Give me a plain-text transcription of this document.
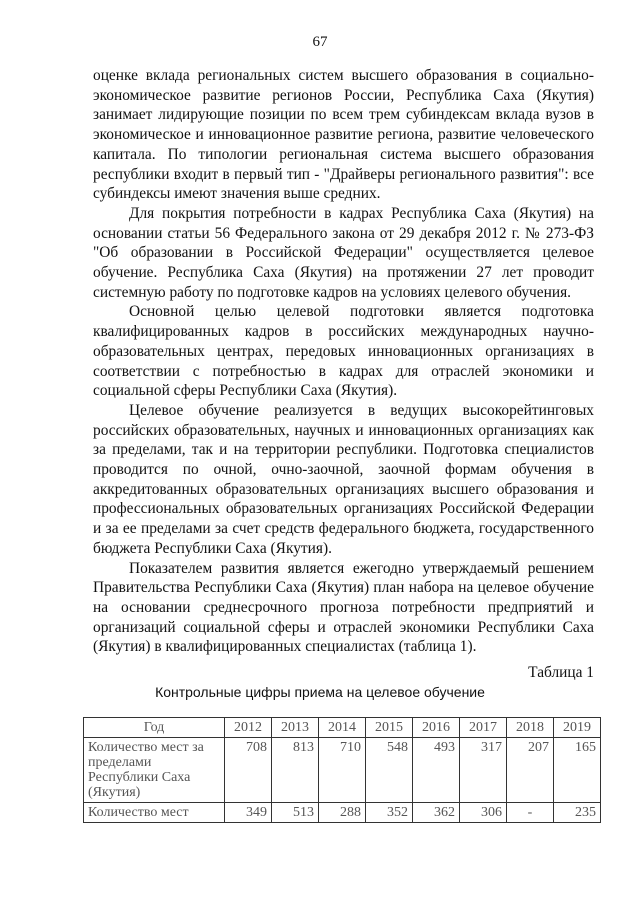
67

оценке вклада региональных систем высшего образования в социально-экономическое развитие регионов России, Республика Саха (Якутия) занимает лидирующие позиции по всем трем субиндексам вклада вузов в экономическое и инновационное развитие региона, развитие человеческого капитала. По типологии региональная система высшего образования республики входит в первый тип - "Драйверы регионального развития": все субиндексы имеют значения выше средних.

Для покрытия потребности в кадрах Республика Саха (Якутия) на основании статьи 56 Федерального закона от 29 декабря 2012 г. № 273-ФЗ "Об образовании в Российской Федерации" осуществляется целевое обучение. Республика Саха (Якутия) на протяжении 27 лет проводит системную работу по подготовке кадров на условиях целевого обучения.

Основной целью целевой подготовки является подготовка квалифицированных кадров в российских международных научно-образовательных центрах, передовых инновационных организациях в соответствии с потребностью в кадрах для отраслей экономики и социальной сферы Республики Саха (Якутия).

Целевое обучение реализуется в ведущих высокорейтинговых российских образовательных, научных и инновационных организациях как за пределами, так и на территории республики. Подготовка специалистов проводится по очной, очно-заочной, заочной формам обучения в аккредитованных образовательных организациях высшего образования и профессиональных образовательных организациях Российской Федерации и за ее пределами за счет средств федерального бюджета, государственного бюджета Республики Саха (Якутия).

Показателем развития является ежегодно утверждаемый решением Правительства Республики Саха (Якутия) план набора на целевое обучение на основании среднесрочного прогноза потребности предприятий и организаций социальной сферы и отраслей экономики Республики Саха (Якутия) в квалифицированных специалистах (таблица 1).

Таблица 1
Контрольные цифры приема на целевое обучение
Год	2012	2013	2014	2015	2016	2017	2018	2019
Количество мест за пределами Республики Саха (Якутия)	708	813	710	548	493	317	207	165
Количество мест	349	513	288	352	362	306	-	235
